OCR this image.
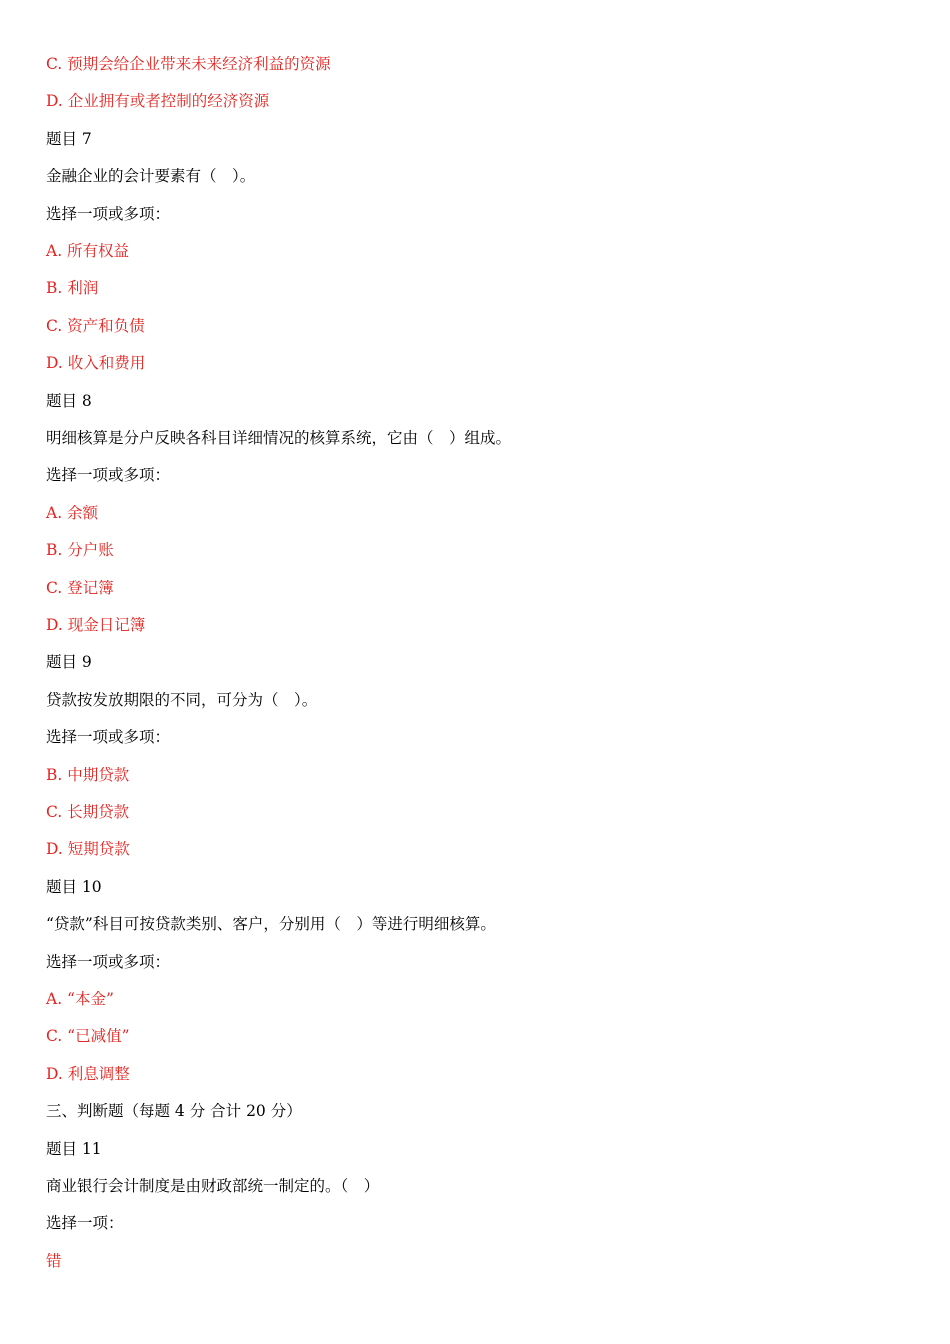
C. 预期会给企业带来未来经济利益的资源
D. 企业拥有或者控制的经济资源
题目 7
金融企业的会计要素有（　）。
选择一项或多项：
A. 所有权益
B. 利润
C. 资产和负债
D. 收入和费用
题目 8
明细核算是分户反映各科目详细情况的核算系统，它由（　）组成。
选择一项或多项：
A. 余额
B. 分户账
C. 登记簿
D. 现金日记簿
题目 9
贷款按发放期限的不同，可分为（　）。
选择一项或多项：
B. 中期贷款
C. 长期贷款
D. 短期贷款
题目 10
“贷款”科目可按贷款类别、客户，分别用（　）等进行明细核算。
选择一项或多项：
A. “本金”
C. “已减值”
D. 利息调整
三、判断题（每题 4 分 合计 20 分）
题目 11
商业银行会计制度是由财政部统一制定的。（　）
选择一项：
错
